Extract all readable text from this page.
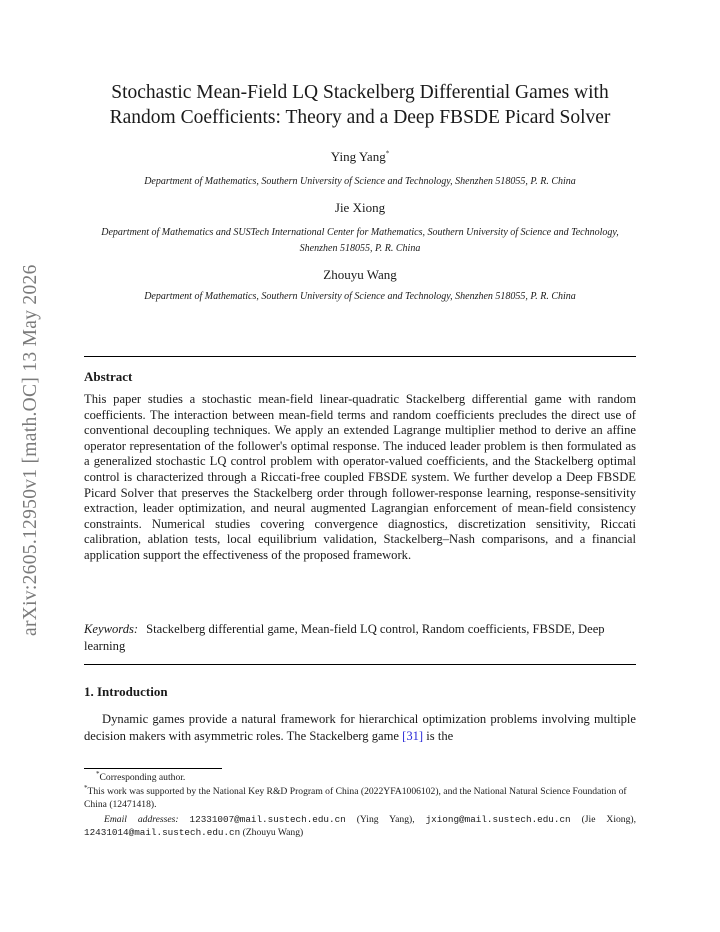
arXiv:2605.12950v1 [math.OC] 13 May 2026
Stochastic Mean-Field LQ Stackelberg Differential Games with
Random Coefficients: Theory and a Deep FBSDE Picard Solver
Ying Yang*
Department of Mathematics, Southern University of Science and Technology, Shenzhen 518055, P. R. China
Jie Xiong
Department of Mathematics and SUSTech International Center for Mathematics, Southern University of Science and Technology, Shenzhen 518055, P. R. China
Zhouyu Wang
Department of Mathematics, Southern University of Science and Technology, Shenzhen 518055, P. R. China
Abstract
This paper studies a stochastic mean-field linear-quadratic Stackelberg differential game with random coefficients. The interaction between mean-field terms and random coefficients precludes the direct use of conventional decoupling techniques. We apply an extended Lagrange multiplier method to derive an affine operator representation of the follower's optimal response. The induced leader problem is then formulated as a generalized stochastic LQ control problem with operator-valued coefficients, and the Stackelberg optimal control is characterized through a Riccati-free coupled FBSDE system. We further develop a Deep FBSDE Picard Solver that preserves the Stackelberg order through follower-response learning, response-sensitivity extraction, leader optimization, and neural augmented Lagrangian enforcement of mean-field consistency constraints. Numerical studies covering convergence diagnostics, discretization sensitivity, Riccati calibration, ablation tests, local equilibrium validation, Stackelberg–Nash comparisons, and a financial application support the effectiveness of the proposed framework.
Keywords: Stackelberg differential game, Mean-field LQ control, Random coefficients, FBSDE, Deep learning
1. Introduction
Dynamic games provide a natural framework for hierarchical optimization problems involving multiple decision makers with asymmetric roles. The Stackelberg game [31] is the
*Corresponding author.
*This work was supported by the National Key R&D Program of China (2022YFA1006102), and the National Natural Science Foundation of China (12471418).
Email addresses: 12331007@mail.sustech.edu.cn (Ying Yang), jxiong@mail.sustech.edu.cn (Jie Xiong), 12431014@mail.sustech.edu.cn (Zhouyu Wang)
